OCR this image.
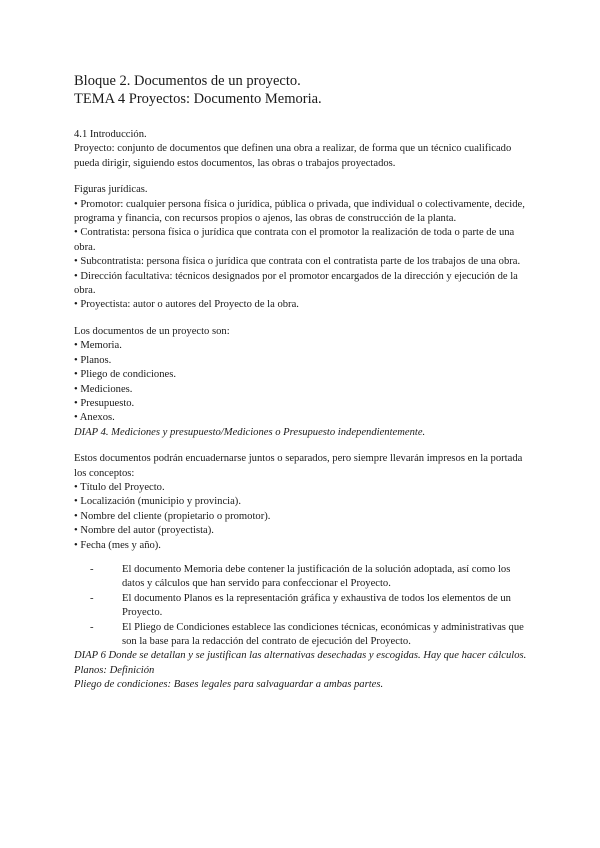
Bloque 2. Documentos de un proyecto.

TEMA 4 Proyectos: Documento Memoria.

4.1 Introducción.

Proyecto: conjunto de documentos que definen una obra a realizar, de forma que un técnico cualificado pueda dirigir, siguiendo estos documentos, las obras o trabajos proyectados.

Figuras jurídicas.

• Promotor: cualquier persona física o jurídica, pública o privada, que individual o colectivamente, decide, programa y financia, con recursos propios o ajenos, las obras de construcción de la planta.

• Contratista: persona física o jurídica que contrata con el promotor la realización de toda o parte de una obra.

• Subcontratista: persona física o jurídica que contrata con el contratista parte de los trabajos de una obra.

• Dirección facultativa: técnicos designados por el promotor encargados de la dirección y ejecución de la obra.

• Proyectista: autor o autores del Proyecto de la obra.

Los documentos de un proyecto son:

• Memoria.

• Planos.

• Pliego de condiciones.

• Mediciones.

• Presupuesto.

• Anexos.

DIAP 4. Mediciones y presupuesto/Mediciones o Presupuesto independientemente.

Estos documentos podrán encuadernarse juntos o separados, pero siempre llevarán impresos en la portada los conceptos:

• Título del Proyecto.

• Localización (municipio y provincia).

• Nombre del cliente (propietario o promotor).

• Nombre del autor (proyectista).

• Fecha (mes y año).

- El documento Memoria debe contener la justificación de la solución adoptada, así como los datos y cálculos que han servido para confeccionar el Proyecto.
- El documento Planos es la representación gráfica y exhaustiva de todos los elementos de un Proyecto.
- El Pliego de Condiciones establece las condiciones técnicas, económicas y administrativas que son la base para la redacción del contrato de ejecución del Proyecto.

DIAP 6 Donde se detallan y se justifican las alternativas desechadas y escogidas. Hay que hacer cálculos.

Planos: Definición

Pliego de condiciones: Bases legales para salvaguardar a ambas partes.
